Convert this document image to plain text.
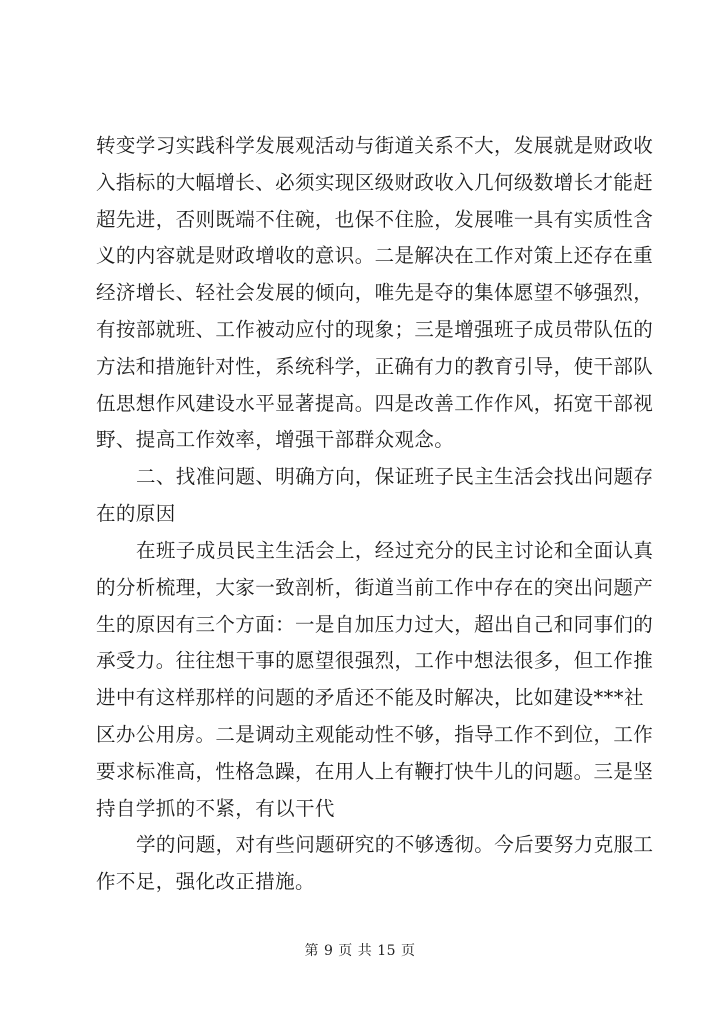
转变学习实践科学发展观活动与街道关系不大，发展就是财政收
入指标的大幅增长、必须实现区级财政收入几何级数增长才能赶
超先进，否则既端不住碗，也保不住脸，发展唯一具有实质性含
义的内容就是财政增收的意识。二是解决在工作对策上还存在重
经济增长、轻社会发展的倾向，唯先是夺的集体愿望不够强烈，
有按部就班、工作被动应付的现象；三是增强班子成员带队伍的
方法和措施针对性，系统科学，正确有力的教育引导，使干部队
伍思想作风建设水平显著提高。四是改善工作作风，拓宽干部视
野、提高工作效率，增强干部群众观念。
二、找准问题、明确方向，保证班子民主生活会找出问题存
在的原因
在班子成员民主生活会上，经过充分的民主讨论和全面认真
的分析梳理，大家一致剖析，街道当前工作中存在的突出问题产
生的原因有三个方面：一是自加压力过大，超出自己和同事们的
承受力。往往想干事的愿望很强烈，工作中想法很多，但工作推
进中有这样那样的问题的矛盾还不能及时解决，比如建设***社
区办公用房。二是调动主观能动性不够，指导工作不到位，工作
要求标准高，性格急躁，在用人上有鞭打快牛儿的问题。三是坚
持自学抓的不紧，有以干代
学的问题，对有些问题研究的不够透彻。今后要努力克服工
作不足，强化改正措施。
第 9 页 共 15 页
